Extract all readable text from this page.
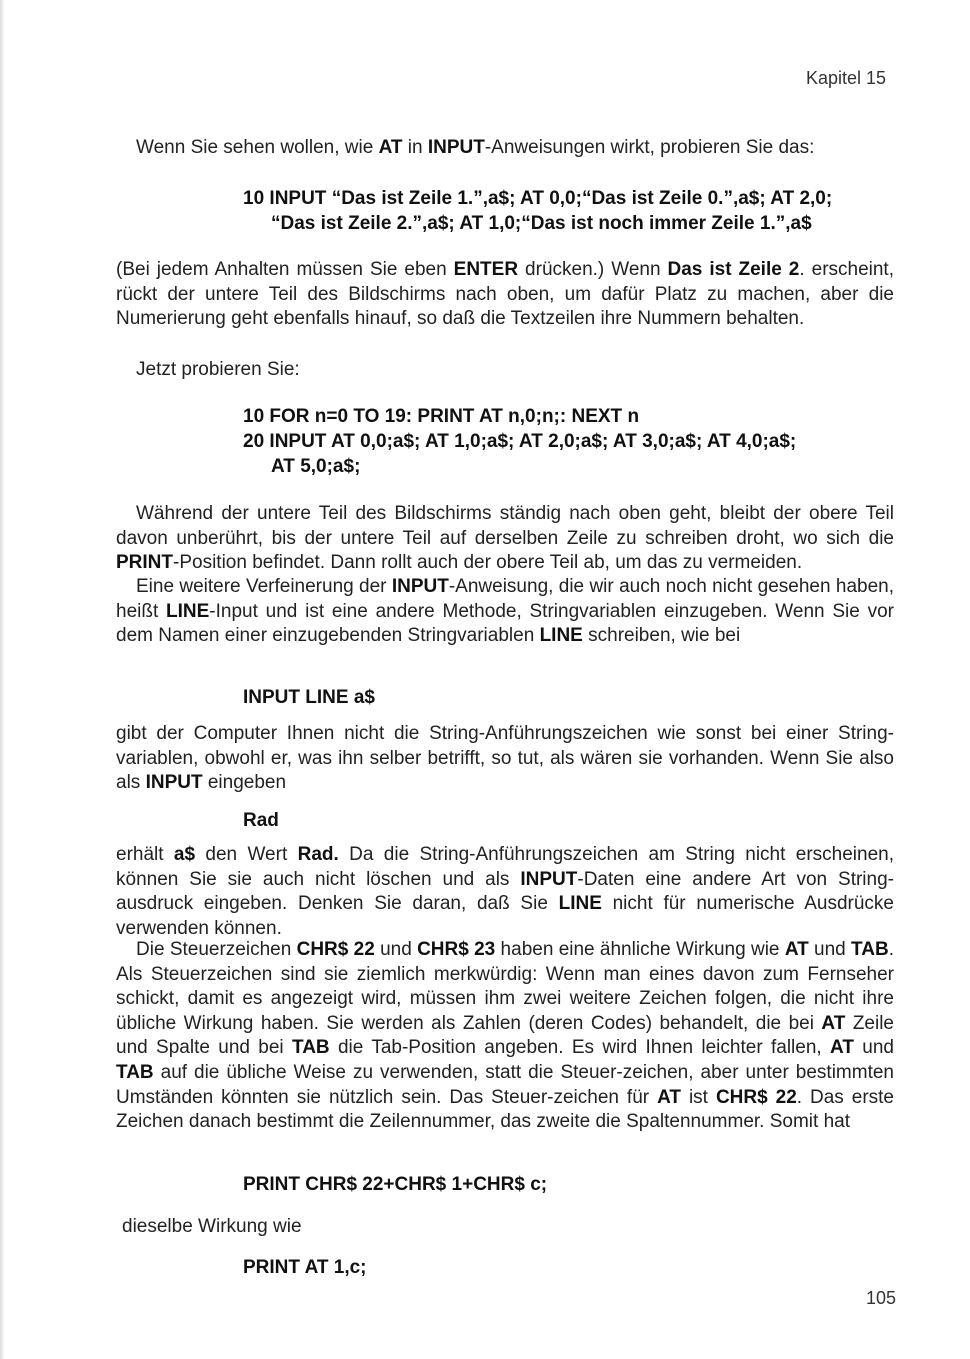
Kapitel 15
Wenn Sie sehen wollen, wie AT in INPUT-Anweisungen wirkt, probieren Sie das:
10 INPUT “Das ist Zeile 1.”,a$; AT 0,0;“Das ist Zeile 0.”,a$; AT 2,0;
“Das ist Zeile 2.”,a$; AT 1,0;“Das ist noch immer Zeile 1.”,a$
(Bei jedem Anhalten müssen Sie eben ENTER drücken.) Wenn Das ist Zeile 2. erscheint, rückt der untere Teil des Bildschirms nach oben, um dafür Platz zu machen, aber die Numerierung geht ebenfalls hinauf, so daß die Textzeilen ihre Nummern behalten.
Jetzt probieren Sie:
10 FOR n=0 TO 19: PRINT AT n,0;n;: NEXT n
20 INPUT AT 0,0;a$; AT 1,0;a$; AT 2,0;a$; AT 3,0;a$; AT 4,0;a$;
AT 5,0;a$;
Während der untere Teil des Bildschirms ständig nach oben geht, bleibt der obere Teil davon unberührt, bis der untere Teil auf derselben Zeile zu schreiben droht, wo sich die PRINT-Position befindet. Dann rollt auch der obere Teil ab, um das zu vermeiden.
Eine weitere Verfeinerung der INPUT-Anweisung, die wir auch noch nicht gesehen haben, heißt LINE-Input und ist eine andere Methode, Stringvariablen einzugeben. Wenn Sie vor dem Namen einer einzugebenden Stringvariablen LINE schreiben, wie bei
INPUT LINE a$
gibt der Computer Ihnen nicht die String-Anführungszeichen wie sonst bei einer String-variablen, obwohl er, was ihn selber betrifft, so tut, als wären sie vorhanden. Wenn Sie also als INPUT eingeben
Rad
erhält a$ den Wert Rad. Da die String-Anführungszeichen am String nicht erscheinen, können Sie sie auch nicht löschen und als INPUT-Daten eine andere Art von String-ausdruck eingeben. Denken Sie daran, daß Sie LINE nicht für numerische Ausdrücke verwenden können.
Die Steuerzeichen CHR$ 22 und CHR$ 23 haben eine ähnliche Wirkung wie AT und TAB. Als Steuerzeichen sind sie ziemlich merkwürdig: Wenn man eines davon zum Fernseher schickt, damit es angezeigt wird, müssen ihm zwei weitere Zeichen folgen, die nicht ihre übliche Wirkung haben. Sie werden als Zahlen (deren Codes) behandelt, die bei AT Zeile und Spalte und bei TAB die Tab-Position angeben. Es wird Ihnen leichter fallen, AT und TAB auf die übliche Weise zu verwenden, statt die Steuer-zeichen, aber unter bestimmten Umständen könnten sie nützlich sein. Das Steuer-zeichen für AT ist CHR$ 22. Das erste Zeichen danach bestimmt die Zeilennummer, das zweite die Spaltennummer. Somit hat
PRINT CHR$ 22+CHR$ 1+CHR$ c;
dieselbe Wirkung wie
PRINT AT 1,c;
105
